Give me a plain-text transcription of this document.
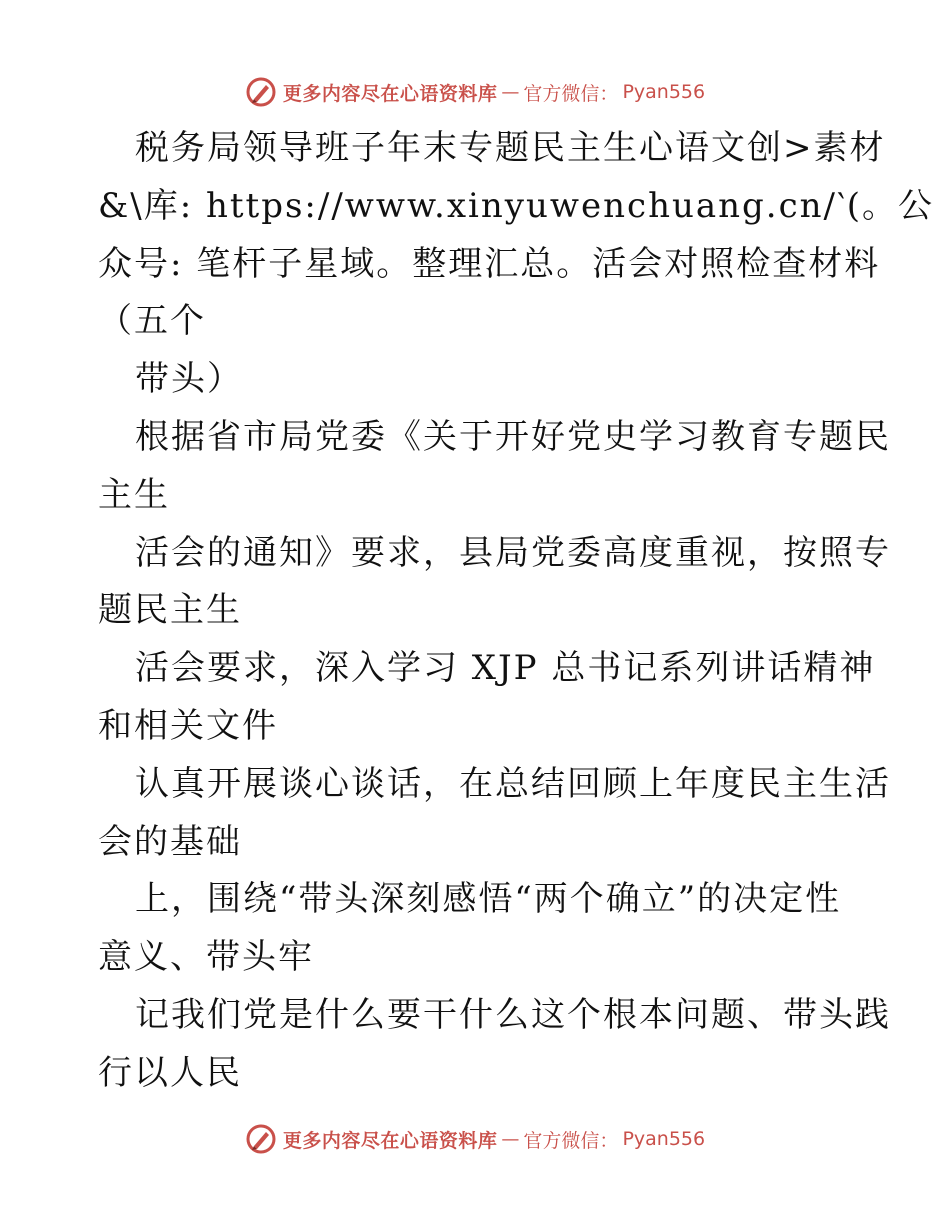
更多内容尽在心语资料库 — 官方微信： Pyan556
税务局领导班子年末专题民主生心语文创>素材
&\库: https://www.xinyuwenchuang.cn/‵(。公
众号: 笔杆子星域。整理汇总。活会对照检查材料
（五个
带头）
根据省市局党委《关于开好党史学习教育专题民
主生
活会的通知》要求，县局党委高度重视，按照专
题民主生
活会要求，深入学习 XJP 总书记系列讲话精神
和相关文件
认真开展谈心谈话，在总结回顾上年度民主生活
会的基础
上，围绕“带头深刻感悟“两个确立”的决定性
意义、带头牢
记我们党是什么要干什么这个根本问题、带头践
行以人民
更多内容尽在心语资料库 — 官方微信： Pyan556
